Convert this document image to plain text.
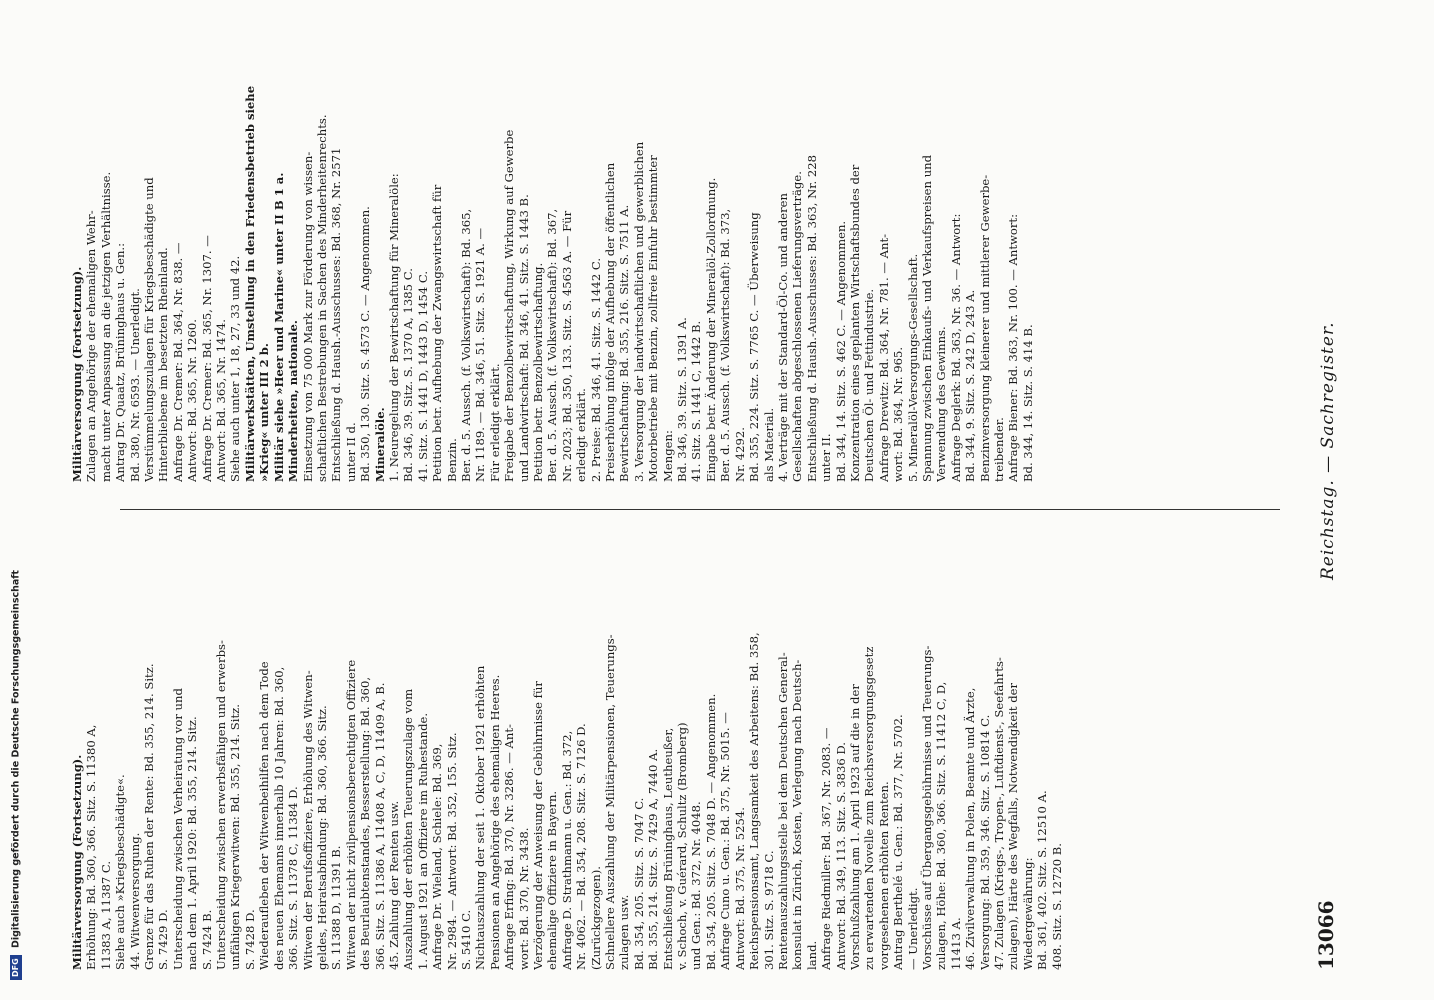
13066
Reichstag. — Sachregister.

Militärversorgung (Fortsetzung). Erhöhung: Bd. 360, 366. Sitz. S. 11380 A,
11383 A, 11387 C.
Siehe auch »Kriegsbeschädigte«.

44. Witwenversorgung.
Grenze für das Ruhen der Rente: Bd. 355, 214. Sitz.
S. 7429 D.
Unterscheidung zwischen Verheiratung vor und
nach dem 1. April 1920: Bd. 355, 214. Sitz.
S. 7424 B.
Unterscheidung zwischen erwerbsfähigen und erwerbs-
unfähigen Kriegerwitwen: Bd. 355, 214. Sitz.
S. 7428 D.
Wiederaufleben der Witwenbeihilfen nach dem Tode
des neuen Ehemanns innerhalb 10 Jahren: Bd. 360,
366. Sitz. S. 11378 C, 11384 D.
Witwen der Berufsoffiziere, Erhöhung des Witwen-
geldes, Heiratsabfindung: Bd. 360, 366. Sitz.
S. 11388 D, 11391 B.
Witwen der nicht zivilpensionsberechtigten Offiziere
des Beurlaubtenstandes, Besserstellung: Bd. 360,
366. Sitz. S. 11386 A, 11408 A, C, D, 11409 A, B.

45. Zahlung der Renten usw.
Auszahlung der erhöhten Teuerungszulage vom
1. August 1921 an Offiziere im Ruhestande.
Anfrage Dr. Wieland, Schiele: Bd. 369,
Nr. 2984. — Antwort: Bd. 352, 155. Sitz.
S. 5410 C.
Nichtauszahlung der seit 1. Oktober 1921 erhöhten
Pensionen an Angehörige des ehemaligen Heeres.
Anfrage Erfing: Bd. 370, Nr. 3286. — Ant-
wort: Bd. 370, Nr. 3438.
Verzögerung der Anweisung der Gebührnisse für
ehemalige Offiziere in Bayern.
Anfrage D. Strathmann u. Gen.: Bd. 372,
Nr. 4062. — Bd. 354, 208. Sitz. S. 7126 D.
(Zurückgezogen).
Schnellere Auszahlung der Militärpensionen, Teuerungs-
zulagen usw.
Bd. 354, 205. Sitz. S. 7047 C.
Bd. 355, 214. Sitz. S. 7429 A, 7440 A.
Entschließung Brüninghaus, Leutheußer,
v. Schoch, v. Guérard, Schultz (Bromberg)
und Gen.: Bd. 372, Nr. 4048.
Bd. 354, 205. Sitz. S. 7048 D. — Angenommen.
Anfrage Cuno u. Gen.: Bd. 375, Nr. 5015. —
Antwort: Bd. 375, Nr. 5254.
Reichspensionsamt, Langsamkeit des Arbeitens: Bd. 358,
301. Sitz. S. 9718 C.
Rentenauszahlungsstelle bei dem Deutschen General-
konsulat in Zürich, Kosten, Verlegung nach Deutsch-
land.
Anfrage Riedmiller: Bd. 367, Nr. 2083. —
Antwort: Bd. 349, 113. Sitz. S. 3836 D.
Vorschußzahlung am 1. April 1923 auf die in der
zu erwartenden Novelle zum Reichsversorgungsgesetz
vorgesehenen erhöhten Renten.
Antrag Berthelé u. Gen.: Bd. 377, Nr. 5702.
— Unerledigt.
Vorschüsse auf Übergangsgebührnisse und Teuerungs-
zulagen, Höhe: Bd. 360, 366. Sitz. S. 11412 C, D,
11413 A.

46. Zivilverwaltung in Polen, Beamte und Ärzte,
Versorgung: Bd. 359, 346. Sitz. S. 10814 C.

47. Zulagen (Kriegs-, Tropen-, Luftdienst-, Seefahrts-
zulagen), Härte des Wegfalls, Notwendigkeit der
Wiedergewährung:
Bd. 361, 402. Sitz. S. 12510 A.
408. Sitz. S. 12720 B.

Militärversorgung (Fortsetzung). Zulagen an Angehörige der ehemaligen Wehr-
macht unter Anpassung an die jetzigen Verhältnisse.
Antrag Dr. Quaatz, Brüninghaus u. Gen.:
Bd. 380, Nr. 6593. — Unerledigt.
Verstümmelungszulagen für Kriegsbeschädigte und
Hinterbliebene im besetzten Rheinland.
Anfrage Dr. Cremer: Bd. 364, Nr. 838. —
Antwort: Bd. 365, Nr. 1260.
Anfrage Dr. Cremer: Bd. 365, Nr. 1307. —
Antwort: Bd. 365, Nr. 1474.
Siehe auch unter 1, 18, 27, 33 und 42.

Militärwerkstätten, Umstellung in den Friedensbetrieb siehe
»Krieg« unter III 2 b. Militär siehe »Heer und Marine« unter II B 1 a. Minderheiten, nationale. Einsetzung von 75 000 Mark zur Förderung von wissen-
schaftlichen Bestrebungen in Sachen des Minderheitenrechts.
Entschließung d. Haush.-Ausschusses: Bd. 368, Nr. 2571
unter II d.
Bd. 350, 130. Sitz. S. 4573 C. — Angenommen.

Mineralöle. 1. Neuregelung der Bewirtschaftung für Mineralöle:
Bd. 346, 39. Sitz. S. 1370 A, 1385 C.
41. Sitz. S. 1441 D, 1443 D, 1454 C.
Petition betr. Aufhebung der Zwangswirtschaft für
Benzin.
Ber. d. 5. Aussch. (f. Volkswirtschaft): Bd. 365,
Nr. 1189. — Bd. 346, 51. Sitz. S. 1921 A. —
Für erledigt erklärt.
Freigabe der Benzolbewirtschaftung, Wirkung auf Gewerbe
und Landwirtschaft: Bd. 346, 41. Sitz. S. 1443 B.
Petition betr. Benzolbewirtschaftung.
Ber. d. 5. Aussch. (f. Volkswirtschaft): Bd. 367,
Nr. 2023; Bd. 350, 133. Sitz. S. 4563 A. — Für
erledigt erklärt.

2. Preise: Bd. 346, 41. Sitz. S. 1442 C.
Preiserhöhung infolge der Aufhebung der öffentlichen
Bewirtschaftung: Bd. 355, 216. Sitz. S. 7511 A.

3. Versorgung der landwirtschaftlichen und gewerblichen
Motorbetriebe mit Benzin, zollfreie Einfuhr bestimmter
Mengen:
Bd. 346, 39. Sitz. S. 1391 A.
41. Sitz. S. 1441 C, 1442 B.
Eingabe betr. Änderung der Mineralöl-Zollordnung.
Ber. d. 5. Aussch. (f. Volkswirtschaft): Bd. 373,
Nr. 4292.
Bd. 355, 224. Sitz. S. 7765 C. — Überweisung
als Material.

4. Verträge mit der Standard-Öl-Co. und anderen
Gesellschaften abgeschlossenen Lieferungsverträge.
Entschließung d. Haush.-Ausschusses: Bd. 363, Nr. 228
unter II.
Bd. 344, 14. Sitz. S. 462 C. — Angenommen.
Konzentration eines geplanten Wirtschaftsbundes der
Deutschen Öl- und Fettindustrie.
Anfrage Drewitz: Bd. 364, Nr. 781. — Ant-
wort: Bd. 364, Nr. 965.

5. Mineralöl-Versorgungs-Gesellschaft.
Spannung zwischen Einkaufs- und Verkaufspreisen und
Verwendung des Gewinns.
Anfrage Deglerk: Bd. 363, Nr. 36. — Antwort:
Bd. 344, 9. Sitz. S. 242 D, 243 A.
Benzinversorgung kleinerer und mittlerer Gewerbe-
treibender.
Anfrage Biener: Bd. 363, Nr. 100. — Antwort:
Bd. 344, 14. Sitz. S. 414 B.

DFG Digitalisierung gefördert durch die Deutsche Forschungsgemeinschaft
